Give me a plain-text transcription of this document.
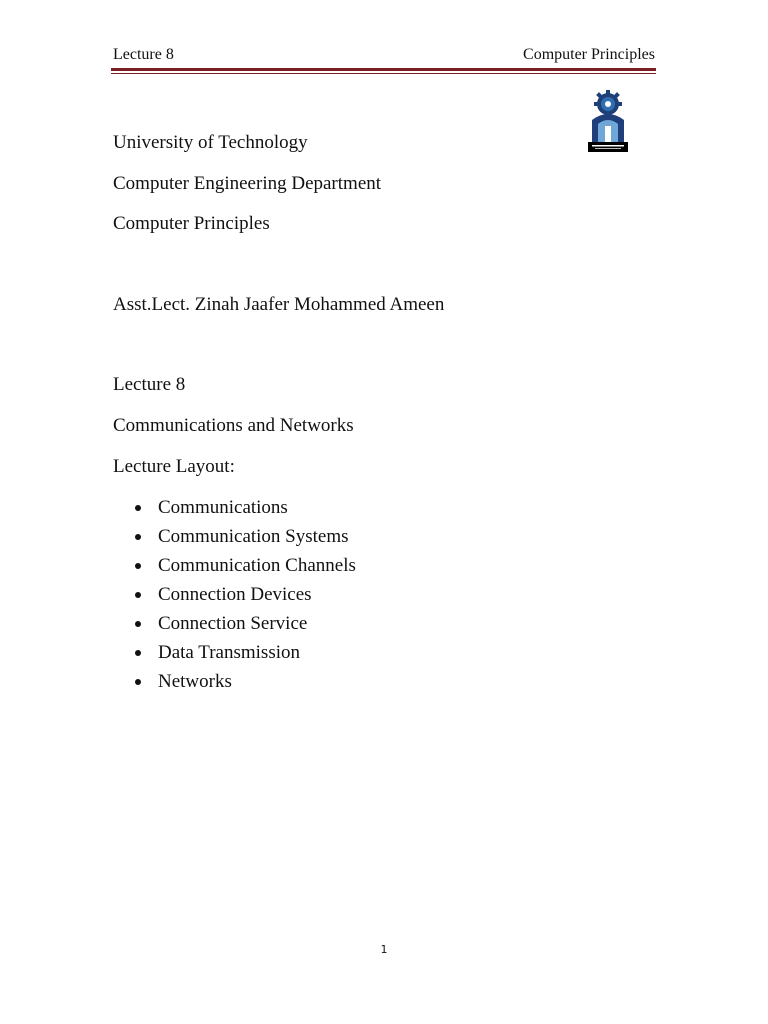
Lecture 8	Computer Principles
University of Technology
Computer Engineering Department
Computer Principles
Asst.Lect. Zinah Jaafer Mohammed Ameen
Lecture 8
Communications and Networks
Lecture Layout:
Communications
Communication Systems
Communication Channels
Connection Devices
Connection Service
Data Transmission
Networks
1
